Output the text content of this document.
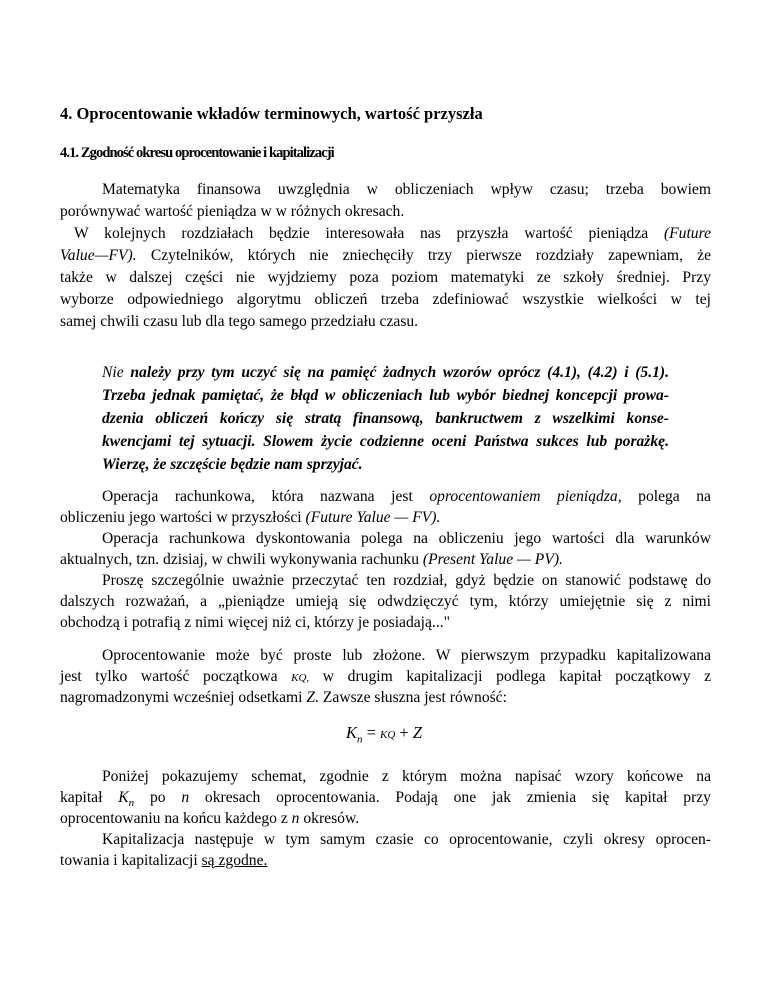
4. Oprocentowanie wkładów terminowych, wartość przyszła
4.1. Zgodność okresu oprocentowanie i kapitalizacji
Matematyka finansowa uwzględnia w obliczeniach wpływ czasu; trzeba bowiem
porównywać wartość pieniądza w w różnych okresach.
W kolejnych rozdziałach będzie interesowała nas przyszła wartość pieniądza (Future
Value—FV). Czytelników, których nie zniechęciły trzy pierwsze rozdziały zapewniam, że
także w dalszej części nie wyjdziemy poza poziom matematyki ze szkoły średniej. Przy
wyborze odpowiedniego algorytmu obliczeń trzeba zdefiniować wszystkie wielkości w tej
samej chwili czasu lub dla tego samego przedziału czasu.
Nie należy przy tym uczyć się na pamięć żadnych wzorów oprócz (4.1), (4.2) i (5.1).
Trzeba jednak pamiętać, że błąd w obliczeniach lub wybór biednej koncepcji prowa-
dzenia obliczeń kończy się stratą finansową, bankructwem z wszelkimi konse-
kwencjami tej sytuacji. Slowem życie codzienne oceni Państwa sukces lub porażkę.
Wierzę, że szczęście będzie nam sprzyjać.
Operacja rachunkowa, która nazwana jest oprocentowaniem pieniądza, polega na
obliczeniu jego wartości w przyszłości (Future Yalue — FV).
Operacja rachunkowa dyskontowania polega na obliczeniu jego wartości dla warunków
aktualnych, tzn. dzisiaj, w chwili wykonywania rachunku (Present Yalue — PV).
Proszę szczególnie uważnie przeczytać ten rozdział, gdyż będzie on stanowić podstawę do
dalszych rozważań, a „pieniądze umieją się odwdzięczyć tym, którzy umiejętnie się z nimi
obchodzą i potrafią z nimi więcej niż ci, którzy je posiadają..."
Oprocentowanie może być proste lub złożone. W pierwszym przypadku kapitalizowana
jest tylko wartość początkowa KQ, w drugim kapitalizacji podlega kapitał początkowy z
nagromadzonymi wcześniej odsetkami Z. Zawsze słuszna jest równość:
$K_n$ = KQ + Z
Poniżej pokazujemy schemat, zgodnie z którym można napisać wzory końcowe na
kapitał $K_n$ po n okresach oprocentowania. Podają one jak zmienia się kapitał przy
oprocentowaniu na końcu każdego z n okresów.
Kapitalizacja następuje w tym samym czasie co oprocentowanie, czyli okresy oprocen-
towania i kapitalizacji są zgodne.
